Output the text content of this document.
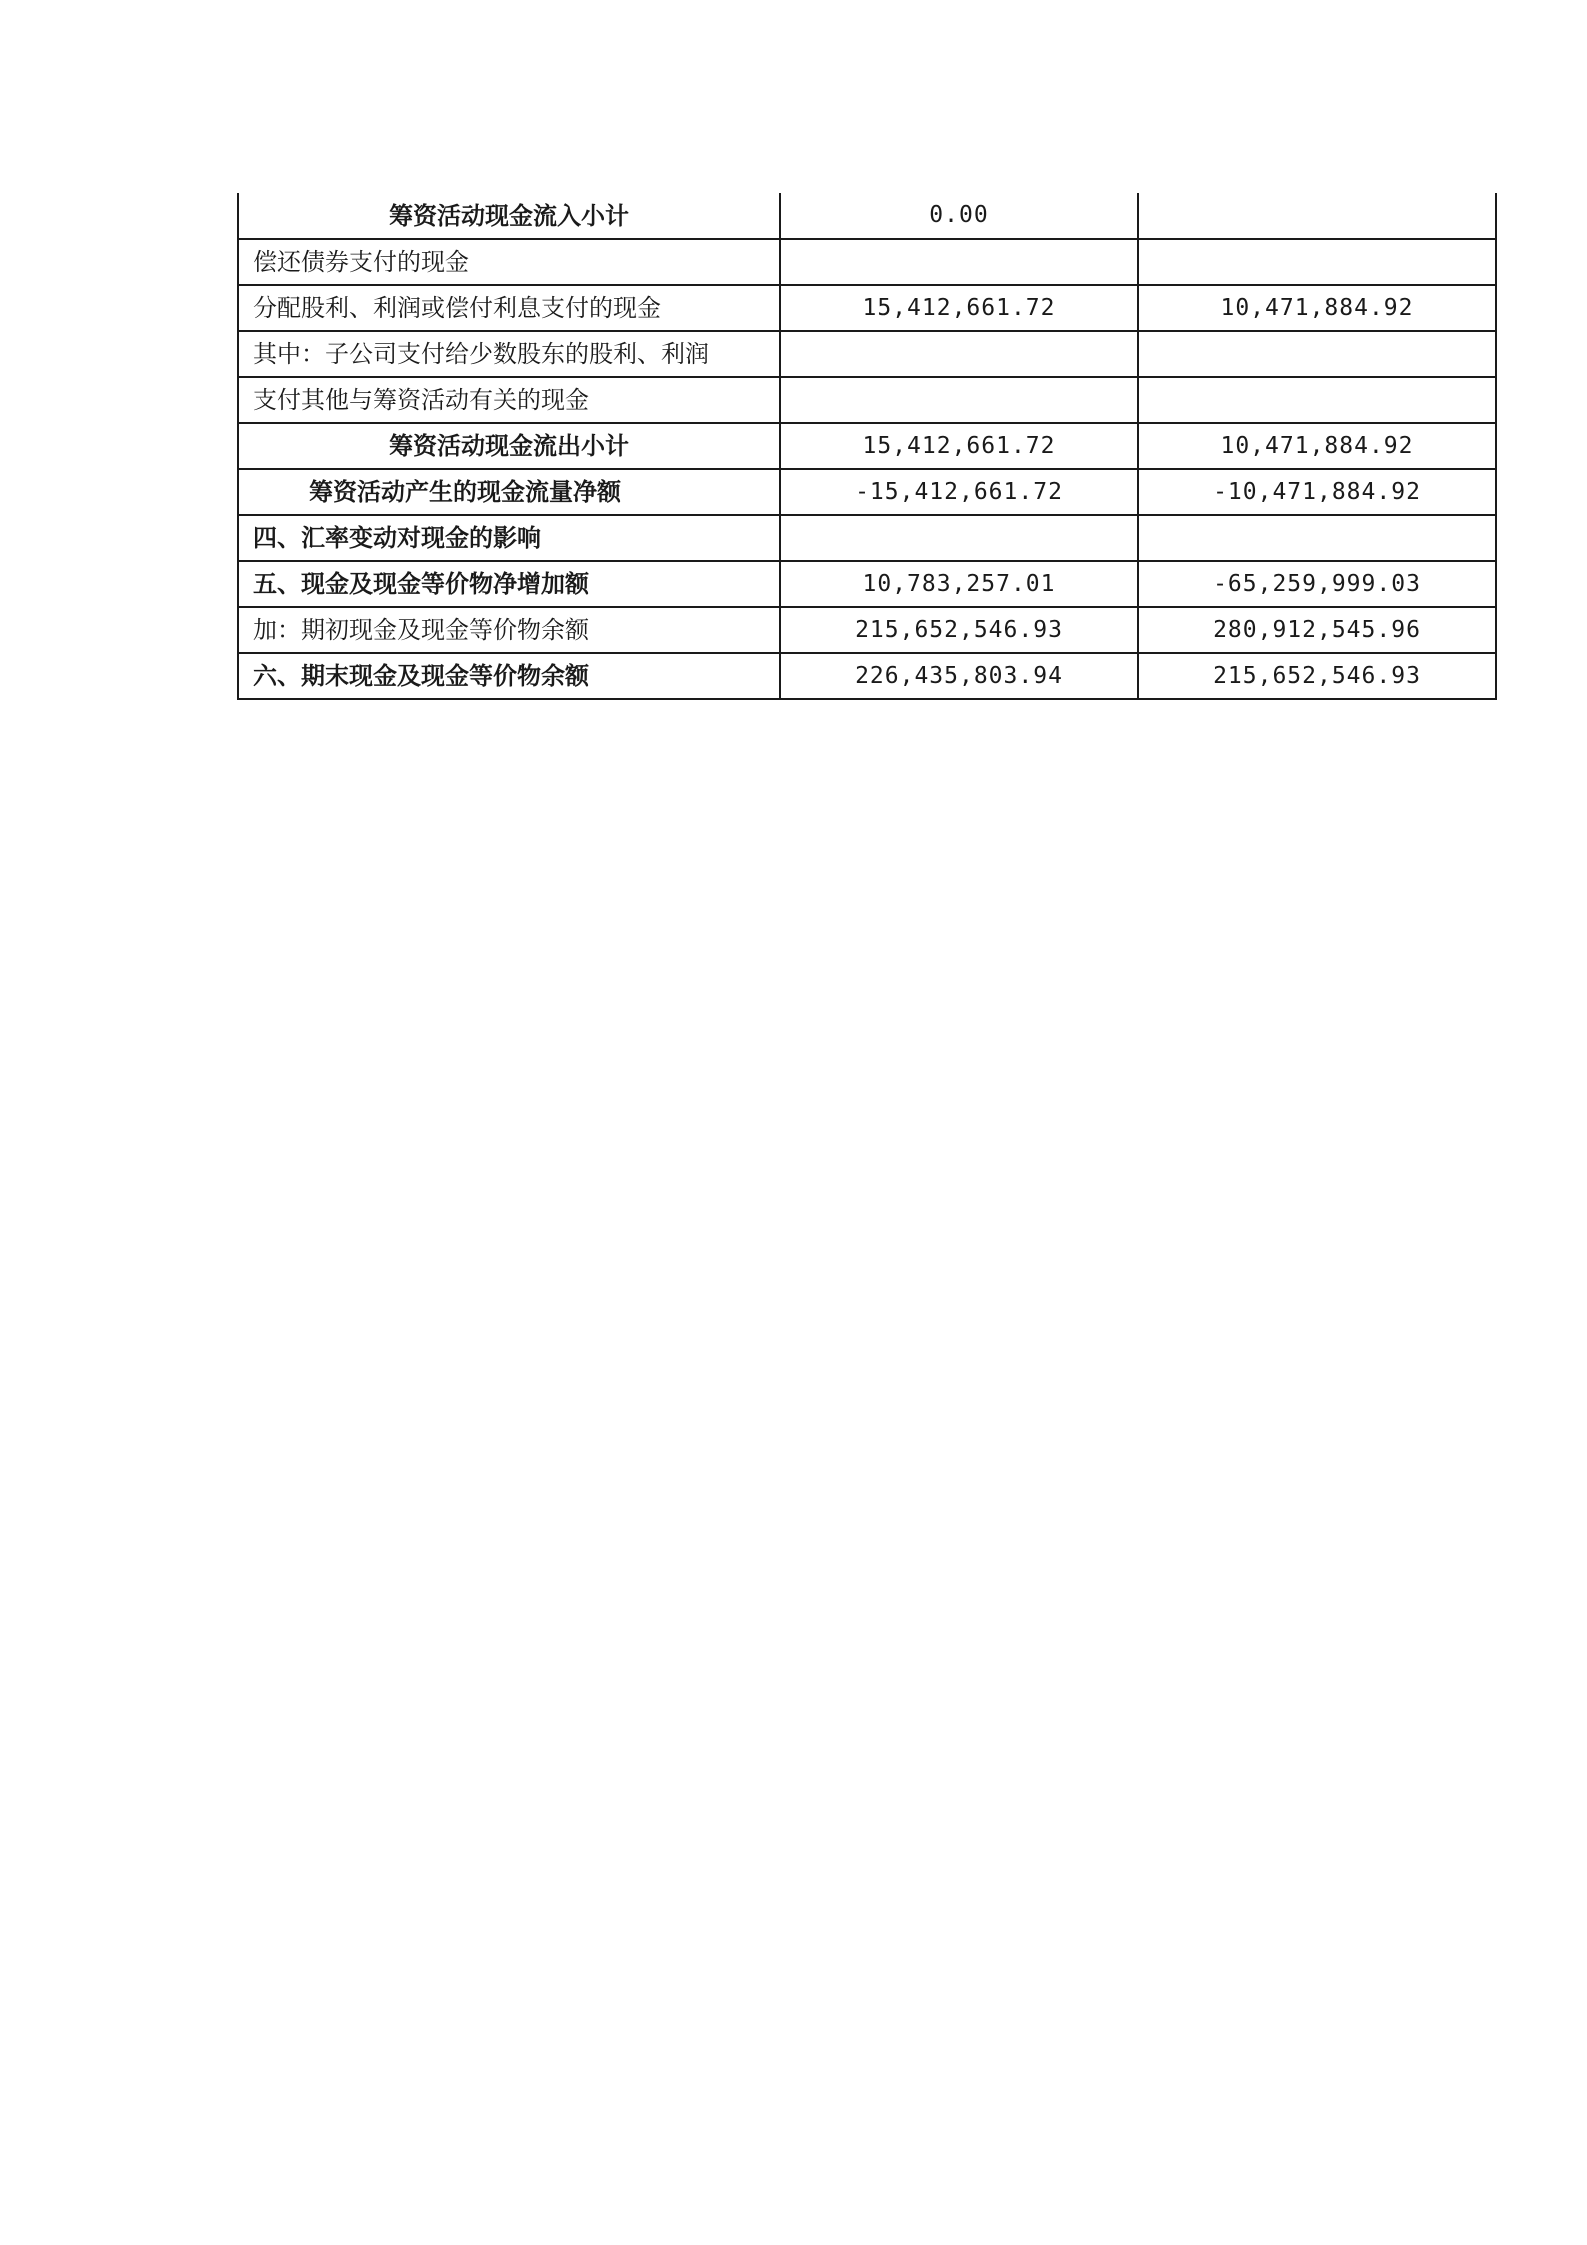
筹资活动现金流入小计	0.00	
偿还债券支付的现金		
分配股利、利润或偿付利息支付的现金	15,412,661.72	10,471,884.92
其中：子公司支付给少数股东的股利、利润		
支付其他与筹资活动有关的现金		
筹资活动现金流出小计	15,412,661.72	10,471,884.92
筹资活动产生的现金流量净额	-15,412,661.72	-10,471,884.92
四、汇率变动对现金的影响		
五、现金及现金等价物净增加额	10,783,257.01	-65,259,999.03
加：期初现金及现金等价物余额	215,652,546.93	280,912,545.96
六、期末现金及现金等价物余额	226,435,803.94	215,652,546.93
